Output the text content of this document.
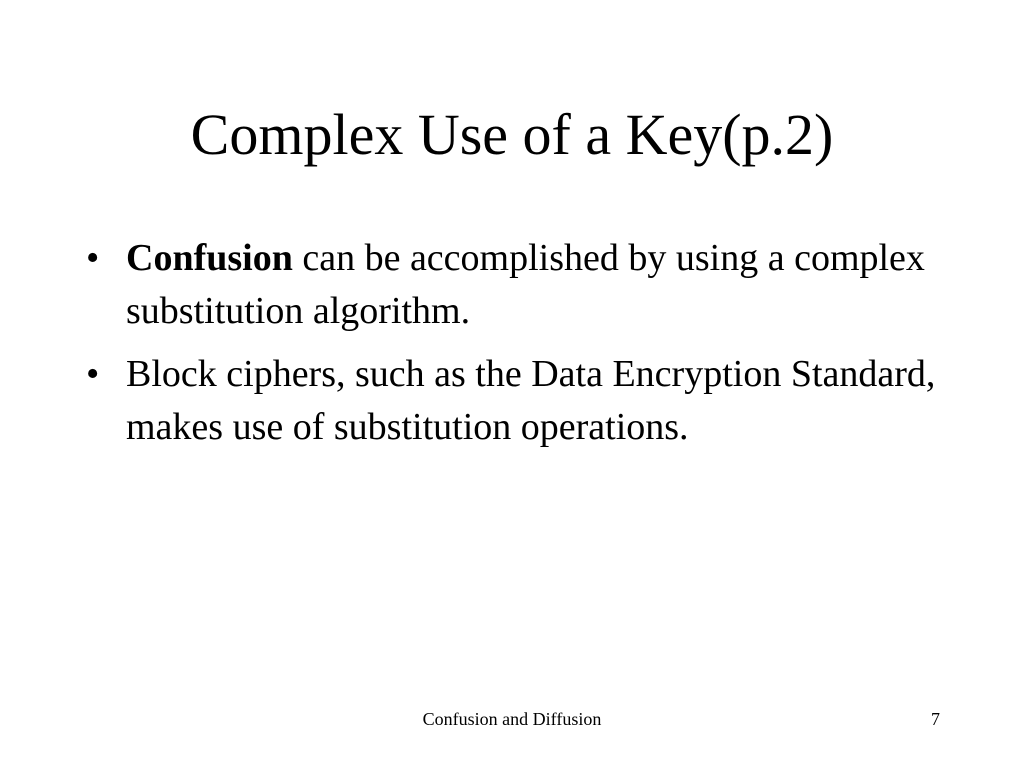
Complex Use of a Key(p.2)
• Confusion can be accomplished by using a complex substitution algorithm.
• Block ciphers, such as the Data Encryption Standard, makes use of substitution operations.
Confusion and Diffusion	7
